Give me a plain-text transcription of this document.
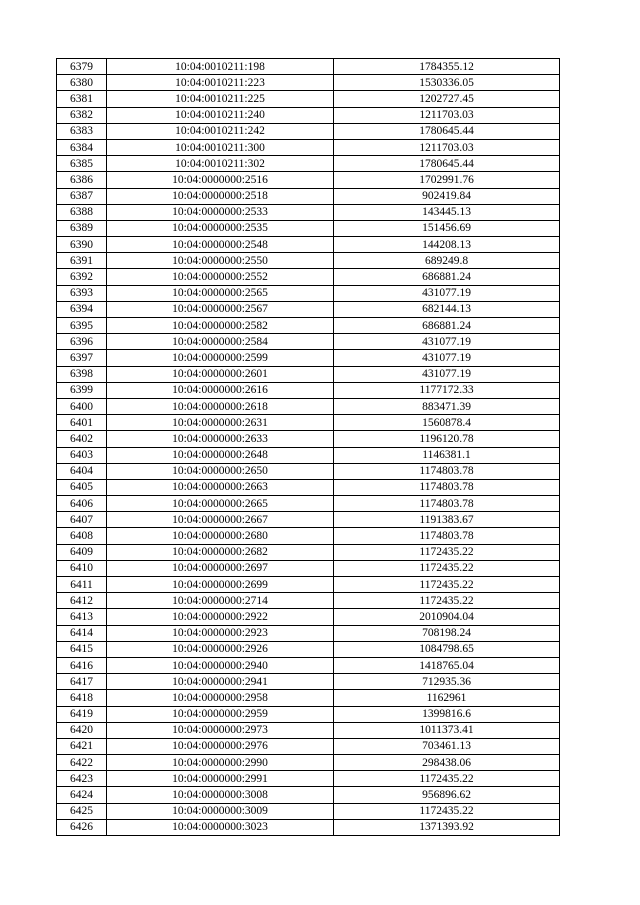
6379	10:04:0010211:198	1784355.12
6380	10:04:0010211:223	1530336.05
6381	10:04:0010211:225	1202727.45
6382	10:04:0010211:240	1211703.03
6383	10:04:0010211:242	1780645.44
6384	10:04:0010211:300	1211703.03
6385	10:04:0010211:302	1780645.44
6386	10:04:0000000:2516	1702991.76
6387	10:04:0000000:2518	902419.84
6388	10:04:0000000:2533	143445.13
6389	10:04:0000000:2535	151456.69
6390	10:04:0000000:2548	144208.13
6391	10:04:0000000:2550	689249.8
6392	10:04:0000000:2552	686881.24
6393	10:04:0000000:2565	431077.19
6394	10:04:0000000:2567	682144.13
6395	10:04:0000000:2582	686881.24
6396	10:04:0000000:2584	431077.19
6397	10:04:0000000:2599	431077.19
6398	10:04:0000000:2601	431077.19
6399	10:04:0000000:2616	1177172.33
6400	10:04:0000000:2618	883471.39
6401	10:04:0000000:2631	1560878.4
6402	10:04:0000000:2633	1196120.78
6403	10:04:0000000:2648	1146381.1
6404	10:04:0000000:2650	1174803.78
6405	10:04:0000000:2663	1174803.78
6406	10:04:0000000:2665	1174803.78
6407	10:04:0000000:2667	1191383.67
6408	10:04:0000000:2680	1174803.78
6409	10:04:0000000:2682	1172435.22
6410	10:04:0000000:2697	1172435.22
6411	10:04:0000000:2699	1172435.22
6412	10:04:0000000:2714	1172435.22
6413	10:04:0000000:2922	2010904.04
6414	10:04:0000000:2923	708198.24
6415	10:04:0000000:2926	1084798.65
6416	10:04:0000000:2940	1418765.04
6417	10:04:0000000:2941	712935.36
6418	10:04:0000000:2958	1162961
6419	10:04:0000000:2959	1399816.6
6420	10:04:0000000:2973	1011373.41
6421	10:04:0000000:2976	703461.13
6422	10:04:0000000:2990	298438.06
6423	10:04:0000000:2991	1172435.22
6424	10:04:0000000:3008	956896.62
6425	10:04:0000000:3009	1172435.22
6426	10:04:0000000:3023	1371393.92
